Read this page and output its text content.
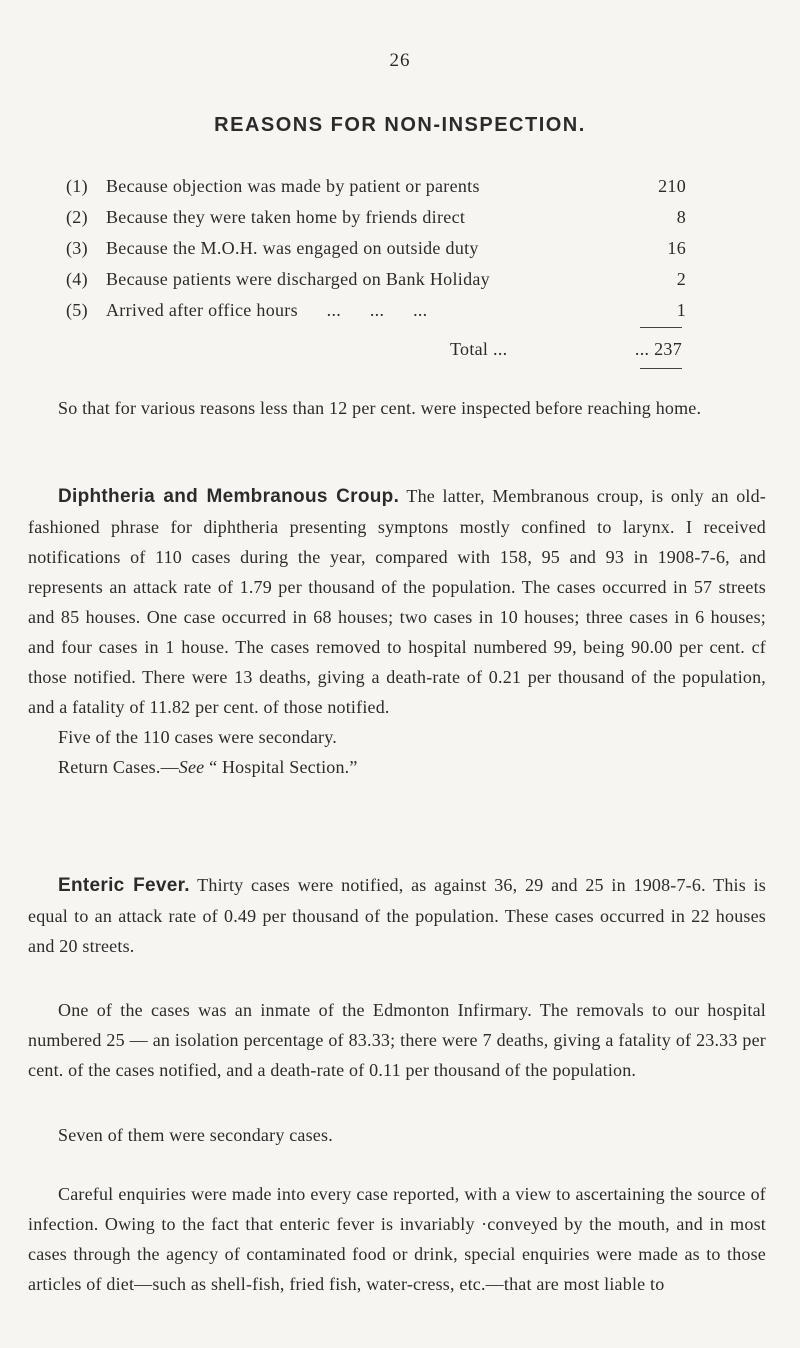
26
REASONS FOR NON-INSPECTION.
(1)	Because objection was made by patient or parents	210
(2)	Because they were taken home by friends direct	8
(3)	Because the M.O.H. was engaged on outside duty	16
(4)	Because patients were discharged on Bank Holiday	2
(5)	Arrived after office hours      ...      ...      ...	1
Total ...	... 237

So that for various reasons less than 12 per cent. were inspected before reaching home.

Diphtheria and Membranous Croup. The latter, Membranous croup, is only an old-fashioned phrase for diphtheria presenting symptons mostly confined to larynx. I received notifications of 110 cases during the year, compared with 158, 95 and 93 in 1908-7-6, and represents an attack rate of 1.79 per thousand of the population. The cases occurred in 57 streets and 85 houses. One case occurred in 68 houses; two cases in 10 houses; three cases in 6 houses; and four cases in 1 house. The cases removed to hospital numbered 99, being 90.00 per cent. cf those notified. There were 13 deaths, giving a death-rate of 0.21 per thousand of the population, and a fatality of 11.82 per cent. of those notified.

Five of the 110 cases were secondary.

Return Cases.—See “ Hospital Section.”

Enteric Fever. Thirty cases were notified, as against 36, 29 and 25 in 1908-7-6. This is equal to an attack rate of 0.49 per thousand of the population. These cases occurred in 22 houses and 20 streets.

One of the cases was an inmate of the Edmonton Infirmary. The removals to our hospital numbered 25 — an isolation percentage of 83.33; there were 7 deaths, giving a fatality of 23.33 per cent. of the cases notified, and a death-rate of 0.11 per thousand of the population.

Seven of them were secondary cases.

Careful enquiries were made into every case reported, with a view to ascertaining the source of infection. Owing to the fact that enteric fever is invariably ·conveyed by the mouth, and in most cases through the agency of contaminated food or drink, special enquiries were made as to those articles of diet—such as shell-fish, fried fish, water-cress, etc.—that are most liable to
